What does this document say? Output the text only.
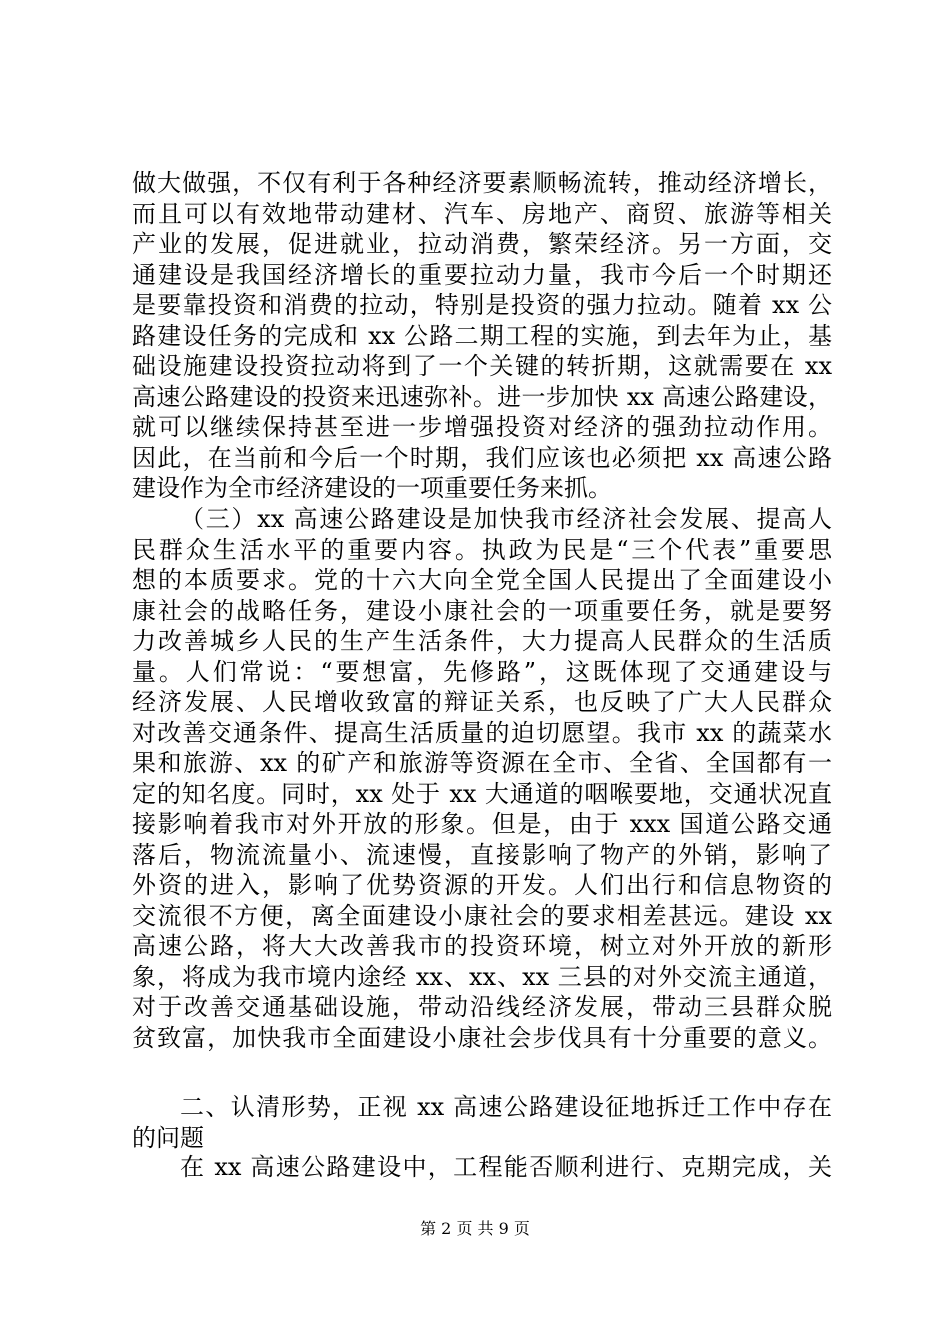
做大做强，不仅有利于各种经济要素顺畅流转，推动经济增长，
而且可以有效地带动建材、汽车、房地产、商贸、旅游等相关
产业的发展，促进就业，拉动消费，繁荣经济。另一方面，交
通建设是我国经济增长的重要拉动力量，我市今后一个时期还
是要靠投资和消费的拉动，特别是投资的强力拉动。随着 xx 公
路建设任务的完成和 xx 公路二期工程的实施，到去年为止，基
础设施建设投资拉动将到了一个关键的转折期，这就需要在 xx
高速公路建设的投资来迅速弥补。进一步加快 xx 高速公路建设，
就可以继续保持甚至进一步增强投资对经济的强劲拉动作用。
因此，在当前和今后一个时期，我们应该也必须把 xx 高速公路
建设作为全市经济建设的一项重要任务来抓。
（三）xx 高速公路建设是加快我市经济社会发展、提高人
民群众生活水平的重要内容。执政为民是“三个代表”重要思
想的本质要求。党的十六大向全党全国人民提出了全面建设小
康社会的战略任务，建设小康社会的一项重要任务，就是要努
力改善城乡人民的生产生活条件，大力提高人民群众的生活质
量。人们常说：“要想富，先修路”，这既体现了交通建设与
经济发展、人民增收致富的辩证关系，也反映了广大人民群众
对改善交通条件、提高生活质量的迫切愿望。我市 xx 的蔬菜水
果和旅游、xx 的矿产和旅游等资源在全市、全省、全国都有一
定的知名度。同时，xx 处于 xx 大通道的咽喉要地，交通状况直
接影响着我市对外开放的形象。但是，由于 xxx 国道公路交通
落后，物流流量小、流速慢，直接影响了物产的外销，影响了
外资的进入，影响了优势资源的开发。人们出行和信息物资的
交流很不方便，离全面建设小康社会的要求相差甚远。建设 xx
高速公路，将大大改善我市的投资环境，树立对外开放的新形
象，将成为我市境内途经 xx、xx、xx 三县的对外交流主通道，
对于改善交通基础设施，带动沿线经济发展，带动三县群众脱
贫致富，加快我市全面建设小康社会步伐具有十分重要的意义。
二、认清形势，正视 xx 高速公路建设征地拆迁工作中存在
的问题
在 xx 高速公路建设中，工程能否顺利进行、克期完成，关
第 2 页 共 9 页
